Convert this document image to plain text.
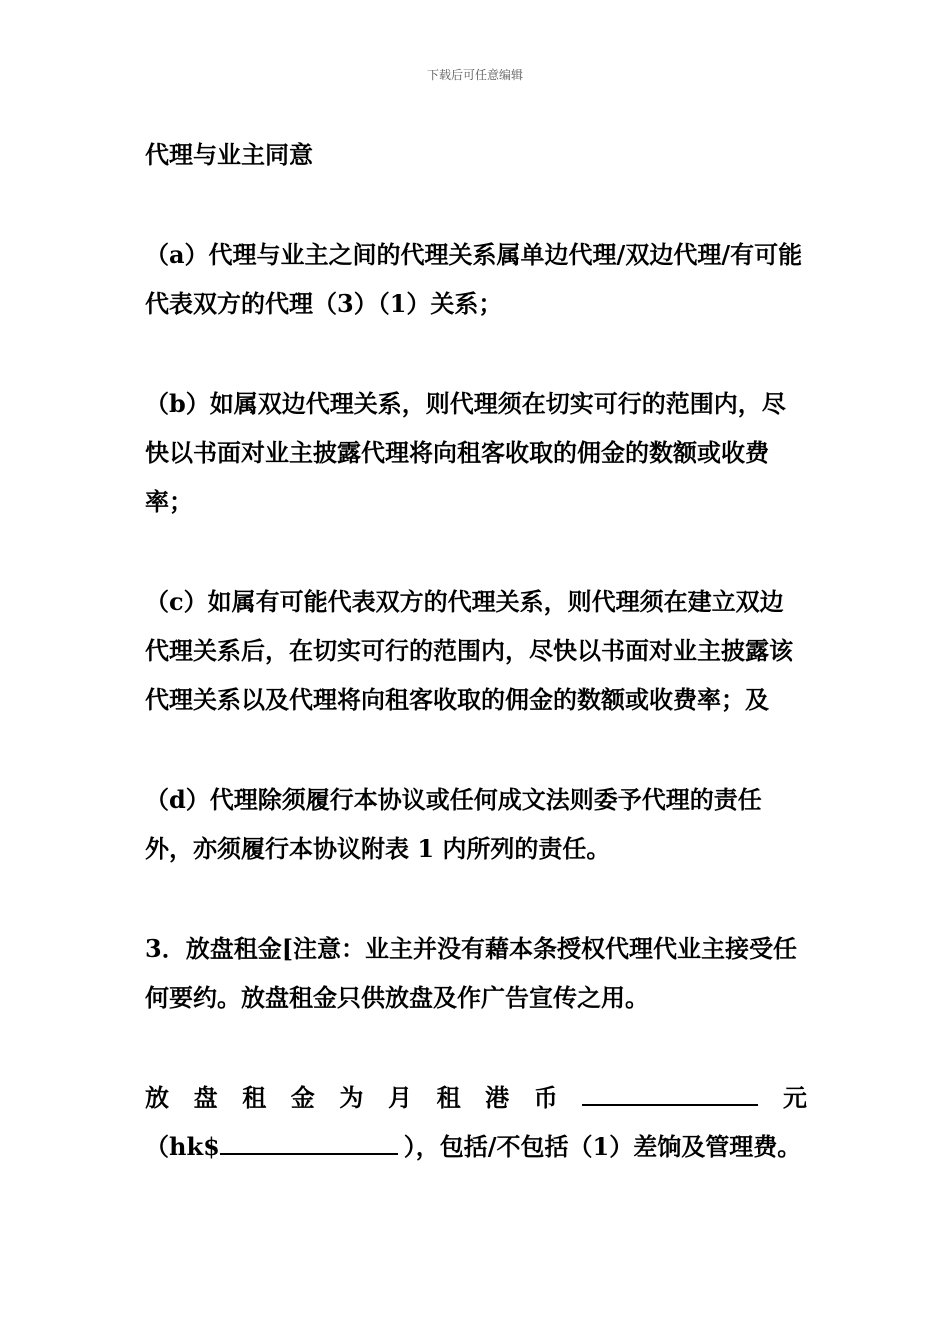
下载后可任意编辑

代理与业主同意

（a）代理与业主之间的代理关系属单边代理/双边代理/有可能代表双方的代理（3）（1）关系；

（b）如属双边代理关系，则代理须在切实可行的范围内，尽快以书面对业主披露代理将向租客收取的佣金的数额或收费率；

（c）如属有可能代表双方的代理关系，则代理须在建立双边代理关系后，在切实可行的范围内，尽快以书面对业主披露该代理关系以及代理将向租客收取的佣金的数额或收费率；及

（d）代理除须履行本协议或任何成文法则委予代理的责任外，亦须履行本协议附表 1 内所列的责任。

3．放盘租金[注意：业主并没有藉本条授权代理代业主接受任何要约。放盘租金只供放盘及作广告宣传之用。

放 盘 租 金 为 月 租 港 币	元
（hk$	），包括/不包括（1）差饷及管理费。
